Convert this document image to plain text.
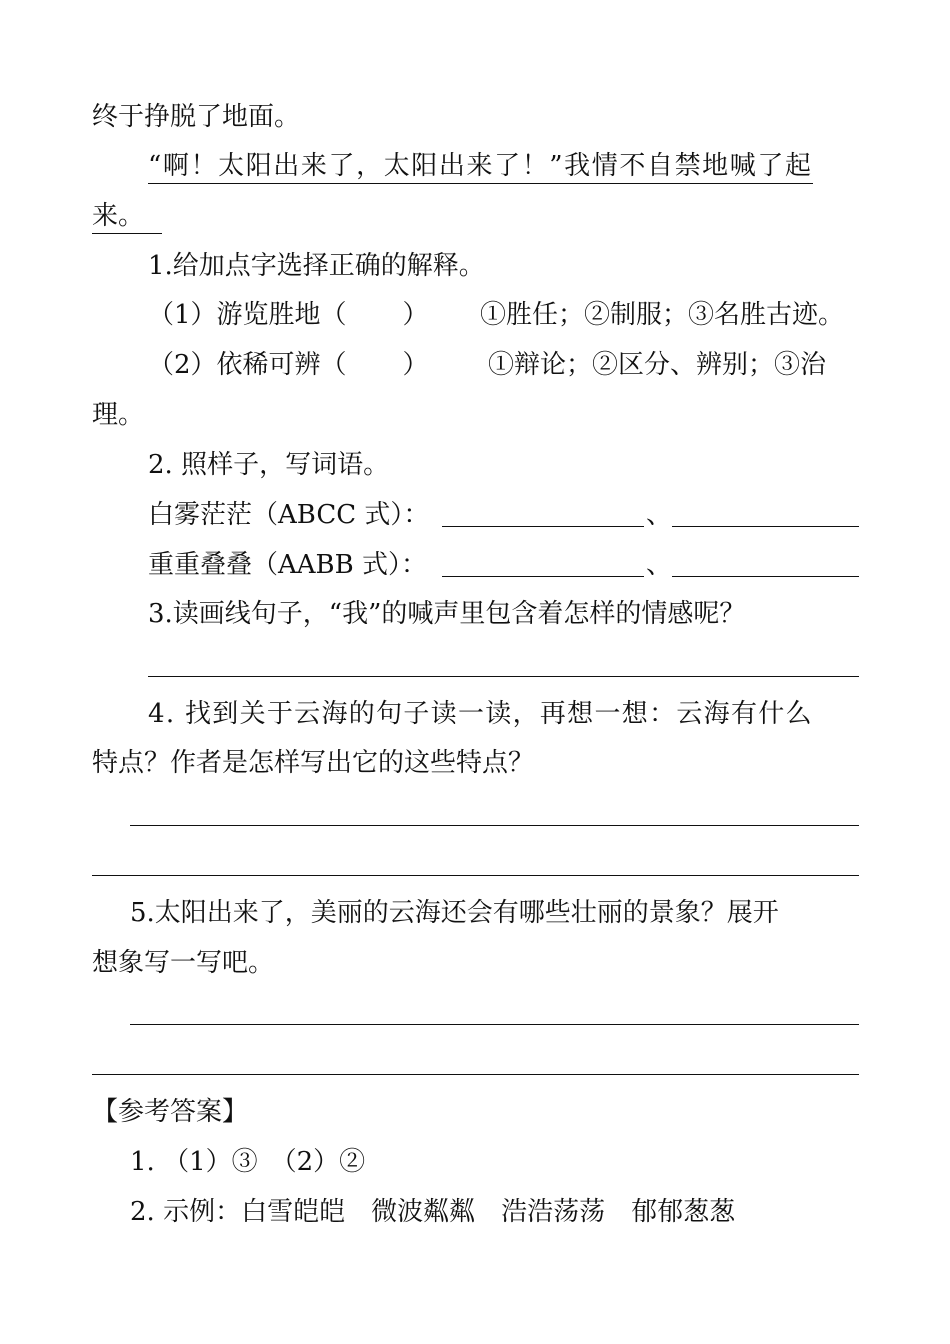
终于挣脱了地面。
“啊！太阳出来了，太阳出来了！”我情不自禁地喊了起
来。
1.给加点字选择正确的解释。
（1）游览胜地（ ） ①胜任；②制服；③名胜古迹。
（2）依稀可辨（ ） ①辩论；②区分、辨别；③治
理。
2. 照样子，写词语。
白雾茫茫（ABCC 式）：	、
重重叠叠（AABB 式）：	、
3.读画线句子，“我”的喊声里包含着怎样的情感呢？
4. 找到关于云海的句子读一读，再想一想：云海有什么
特点？作者是怎样写出它的这些特点？
5.太阳出来了，美丽的云海还会有哪些壮丽的景象？展开
想象写一写吧。
【参考答案】
1. （1）③　（2）②
2. 示例：白雪皑皑　微波粼粼　浩浩荡荡　郁郁葱葱
